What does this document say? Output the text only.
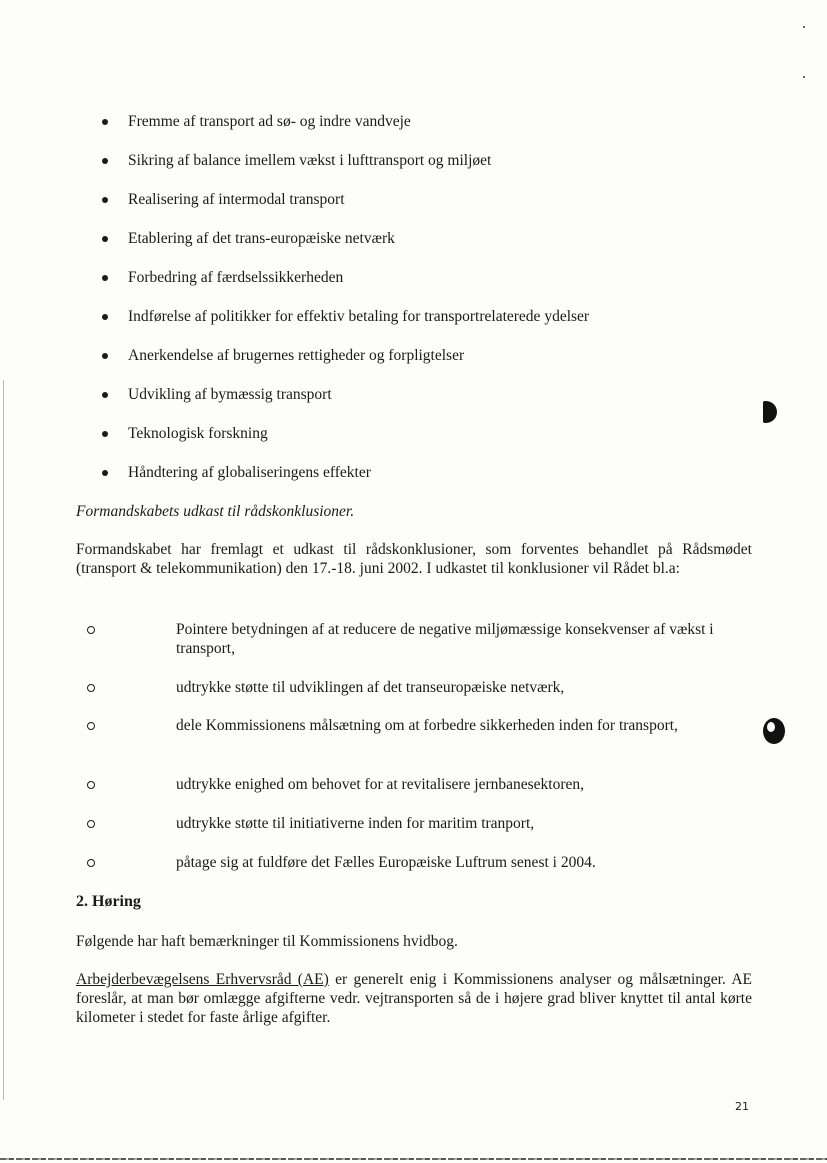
Fremme af transport ad sø- og indre vandveje
Sikring af balance imellem vækst i lufttransport og miljøet
Realisering af intermodal transport
Etablering af det trans-europæiske netværk
Forbedring af færdselssikkerheden
Indførelse af politikker for effektiv betaling for transportrelaterede ydelser
Anerkendelse af brugernes rettigheder og forpligtelser
Udvikling af bymæssig transport
Teknologisk forskning
Håndtering af globaliseringens effekter
Formandskabets udkast til rådskonklusioner.
Formandskabet har fremlagt et udkast til rådskonklusioner, som forventes behandlet på Rådsmødet (transport & telekommunikation) den 17.-18. juni 2002. I udkastet til konklusioner vil Rådet bl.a:
Pointere betydningen af at reducere de negative miljømæssige konsekvenser af vækst i transport,
udtrykke støtte til udviklingen af det transeuropæiske netværk,
dele Kommissionens målsætning om at forbedre sikkerheden inden for transport,
udtrykke enighed om behovet for at revitalisere jernbanesektoren,
udtrykke støtte til initiativerne inden for maritim tranport,
påtage sig at fuldføre det Fælles Europæiske Luftrum senest i 2004.
2. Høring
Følgende har haft bemærkninger til Kommissionens hvidbog.
Arbejderbevægelsens Erhvervsråd (AE) er generelt enig i Kommissionens analyser og målsætninger. AE foreslår, at man bør omlægge afgifterne vedr. vejtransporten så de i højere grad bliver knyttet til antal kørte kilometer i stedet for faste årlige afgifter.
21
